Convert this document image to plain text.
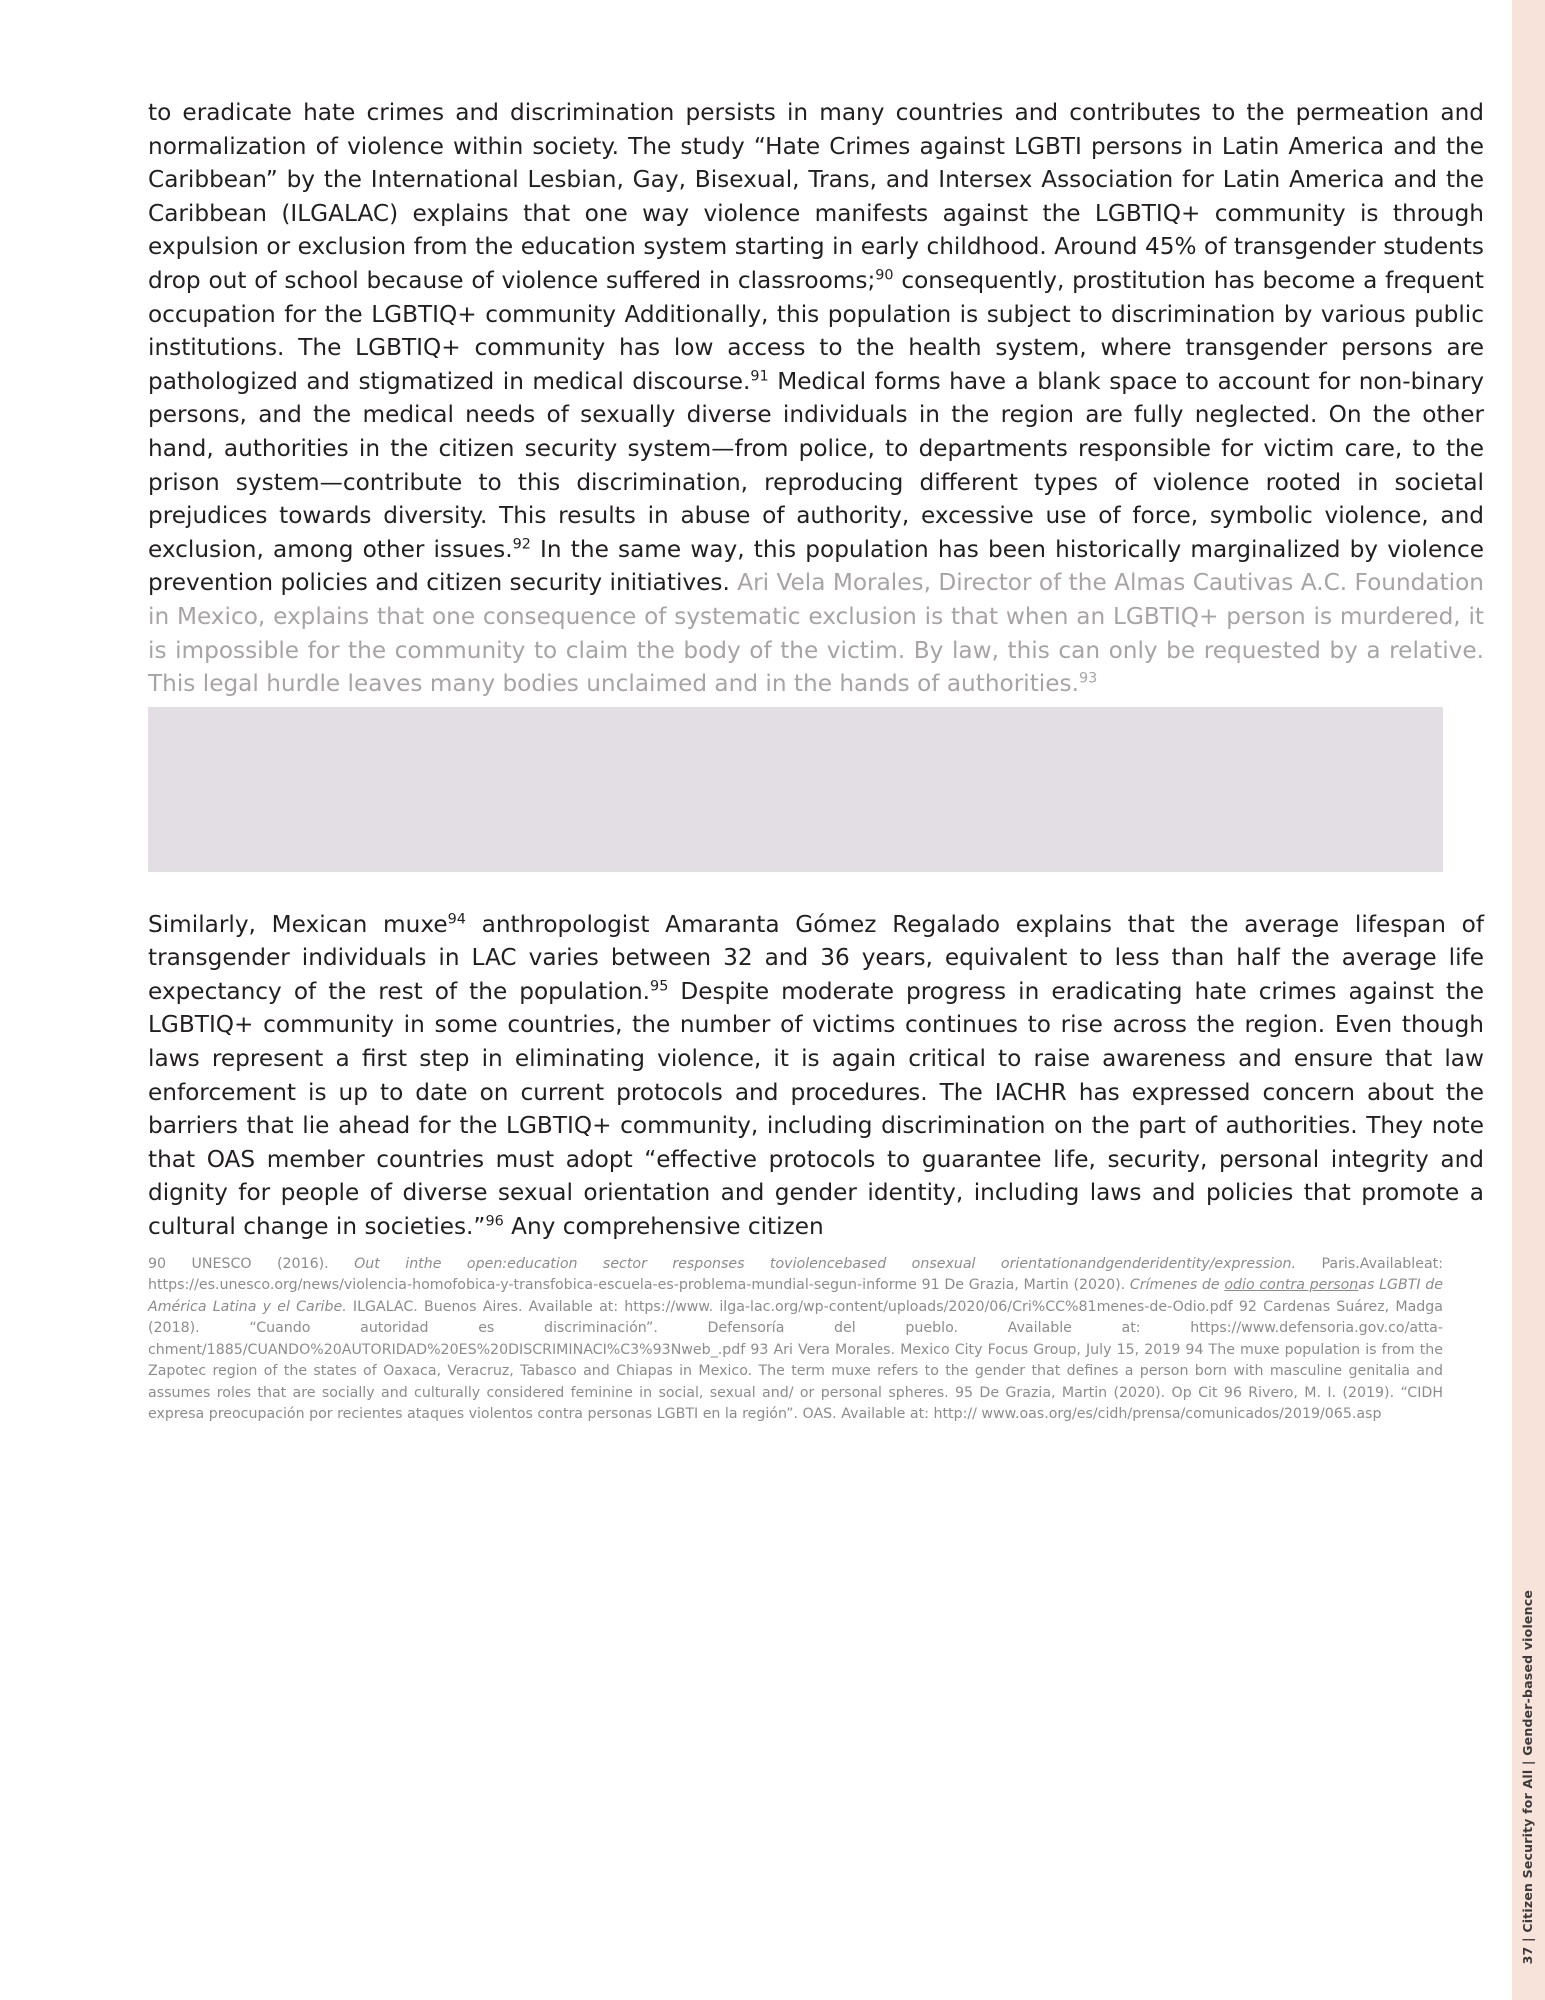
37 | Citizen Security for All | Gender-based violence

to eradicate hate crimes and discrimination persists in many countries and contributes to the permeation and normalization of violence within society. The study “Hate Crimes against LGBTI persons in Latin America and the Caribbean” by the International Lesbian, Gay, Bisexual, Trans, and Intersex Association for Latin America and the Caribbean (ILGALAC) explains that one way violence manifests against the LGBTIQ+ community is through expulsion or exclusion from the education system starting in early childhood. Around 45% of transgender students drop out of school because of violence suffered in classrooms;$^{90}$ consequently, prostitution has become a frequent occupation for the LGBTIQ+ community Additionally, this population is subject to discrimination by various public institutions. The LGBTIQ+ community has low access to the health system, where transgender persons are pathologized and stigmatized in medical discourse.$^{91}$ Medical forms have a blank space to account for non-binary persons, and the medical needs of sexually diverse individuals in the region are fully neglected. On the other hand, authorities in the citizen security system—from police, to departments responsible for victim care, to the prison system—contribute to this discrimination, reproducing different types of violence rooted in societal prejudices towards diversity. This results in abuse of authority, excessive use of force, symbolic violence, and exclusion, among other issues.$^{92}$ In the same way, this population has been historically marginalized by violence prevention policies and citizen security initiatives. Ari Vela Morales, Director of the Almas Cautivas A.C. Foundation in Mexico, explains that one consequence of systematic exclusion is that when an LGBTIQ+ person is murdered, it is impossible for the community to claim the body of the victim. By law, this can only be requested by a relative. This legal hurdle leaves many bodies unclaimed and in the hands of authorities.$^{93}$

Similarly, Mexican muxe$^{94}$ anthropologist Amaranta Gómez Regalado explains that the average lifespan of transgender individuals in LAC varies between 32 and 36 years, equivalent to less than half the average life expectancy of the rest of the population.$^{95}$ Despite moderate progress in eradicating hate crimes against the LGBTIQ+ community in some countries, the number of victims continues to rise across the region. Even though laws represent a first step in eliminating violence, it is again critical to raise awareness and ensure that law enforcement is up to date on current protocols and procedures. The IACHR has expressed concern about the barriers that lie ahead for the LGBTIQ+ community, including discrimination on the part of authorities. They note that OAS member countries must adopt “effective protocols to guarantee life, security, personal integrity and dignity for people of diverse sexual orientation and gender identity, including laws and policies that promote a cultural change in societies.”$^{96}$ Any comprehensive citizen

90 UNESCO (2016). Out inthe open:education sector responses toviolencebased onsexual orientationandgenderidentity/expression. Paris.Availableat: https://es.unesco.org/news/violencia-homofobica-y-transfobica-escuela-es-problema-mundial-segun-informe 91 De Grazia, Martin (2020). Crímenes de odio contra personas LGBTI de América Latina y el Caribe. ILGALAC. Buenos Aires. Available at: https://www. ilga-lac.org/wp-content/uploads/2020/06/Cri%CC%81menes-de-Odio.pdf 92 Cardenas Suárez, Madga (2018). “Cuando autoridad es discriminación”. Defensoría del pueblo. Available at: https://www.defensoria.gov.co/atta- chment/1885/CUANDO%20AUTORIDAD%20ES%20DISCRIMINACI%C3%93Nweb_.pdf 93 Ari Vera Morales. Mexico City Focus Group, July 15, 2019 94 The muxe population is from the Zapotec region of the states of Oaxaca, Veracruz, Tabasco and Chiapas in Mexico. The term muxe refers to the gender that defines a person born with masculine genitalia and assumes roles that are socially and culturally considered feminine in social, sexual and/ or personal spheres. 95 De Grazia, Martin (2020). Op Cit 96 Rivero, M. I. (2019). “CIDH expresa preocupación por recientes ataques violentos contra personas LGBTI en la región”. OAS. Available at: http:// www.oas.org/es/cidh/prensa/comunicados/2019/065.asp
